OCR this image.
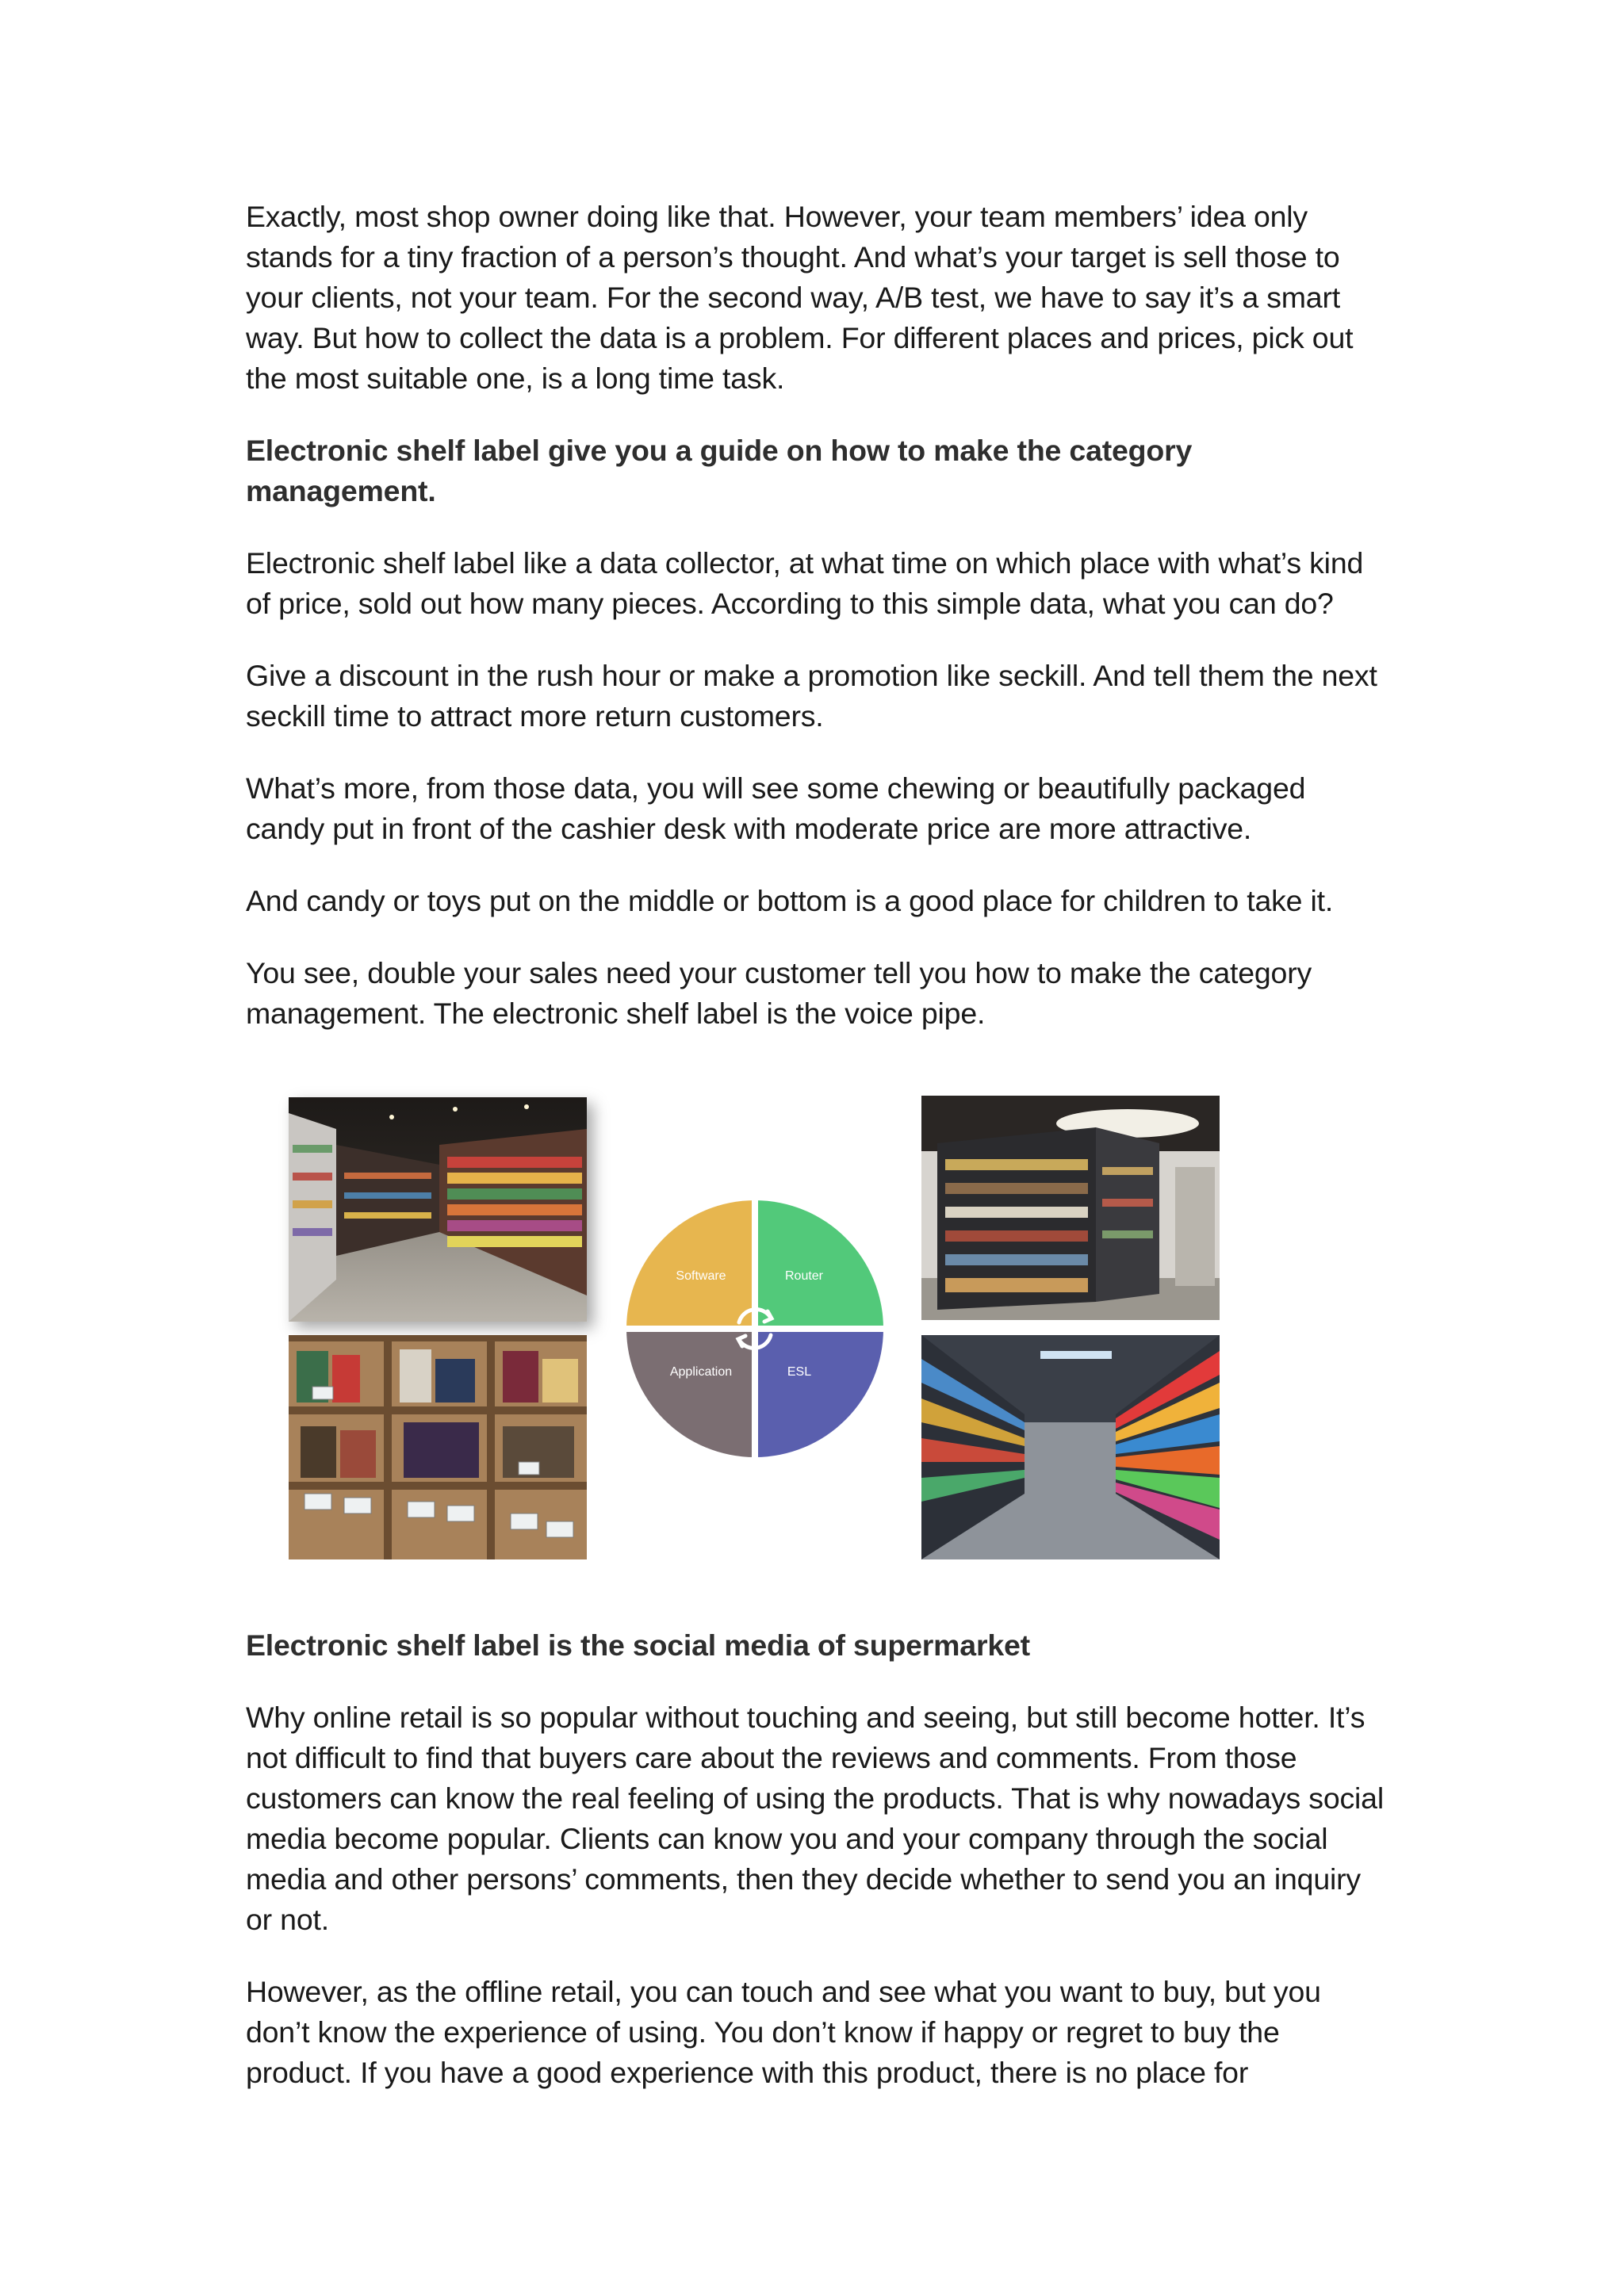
Exactly, most shop owner doing like that. However, your team members’ idea only stands for a tiny fraction of a person’s thought. And what’s your target is sell those to your clients, not your team. For the second way, A/B test, we have to say it’s a smart way. But how to collect the data is a problem. For different places and prices, pick out the most suitable one, is a long time task.

Electronic shelf label give you a guide on how to make the category management.

Electronic shelf label like a data collector, at what time on which place with what’s kind of price, sold out how many pieces. According to this simple data, what you can do?

Give a discount in the rush hour or make a promotion like seckill. And tell them the next seckill time to attract more return customers.

What’s more, from those data, you will see some chewing or beautifully packaged candy put in front of the cashier desk with moderate price are more attractive.

And candy or toys put on the middle or bottom is a good place for children to take it.

You see, double your sales need your customer tell you how to make the category management. The electronic shelf label is the voice pipe.

Software	Router
Application	ESL

Electronic shelf label is the social media of supermarket

Why online retail is so popular without touching and seeing, but still become hotter. It’s not difficult to find that buyers care about the reviews and comments. From those customers can know the real feeling of using the products. That is why nowadays social media become popular. Clients can know you and your company through the social media and other persons’ comments, then they decide whether to send you an inquiry or not.

However, as the offline retail, you can touch and see what you want to buy, but you don’t know the experience of using. You don’t know if happy or regret to buy the product. If you have a good experience with this product, there is no place for
